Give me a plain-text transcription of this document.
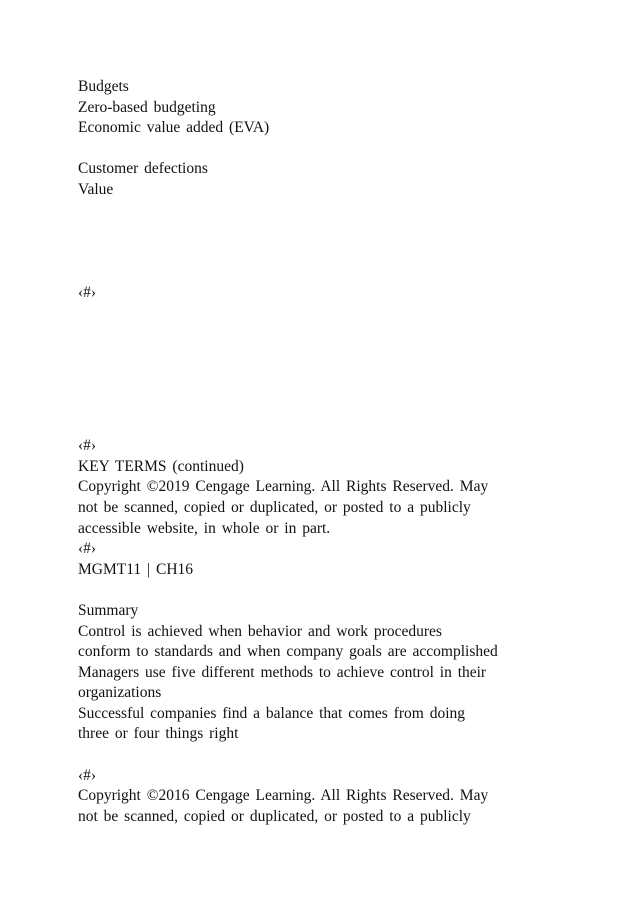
Budgets
Zero-based budgeting
Economic value added (EVA)
Customer defections
Value
‹#›
‹#›
KEY TERMS (continued)
Copyright ©2019 Cengage Learning. All Rights Reserved. May
not be scanned, copied or duplicated, or posted to a publicly
accessible website, in whole or in part.
‹#›
MGMT11 | CH16
Summary
Control is achieved when behavior and work procedures
conform to standards and when company goals are accomplished
Managers use five different methods to achieve control in their
organizations
Successful companies find a balance that comes from doing
three or four things right
‹#›
Copyright ©2016 Cengage Learning. All Rights Reserved. May
not be scanned, copied or duplicated, or posted to a publicly
